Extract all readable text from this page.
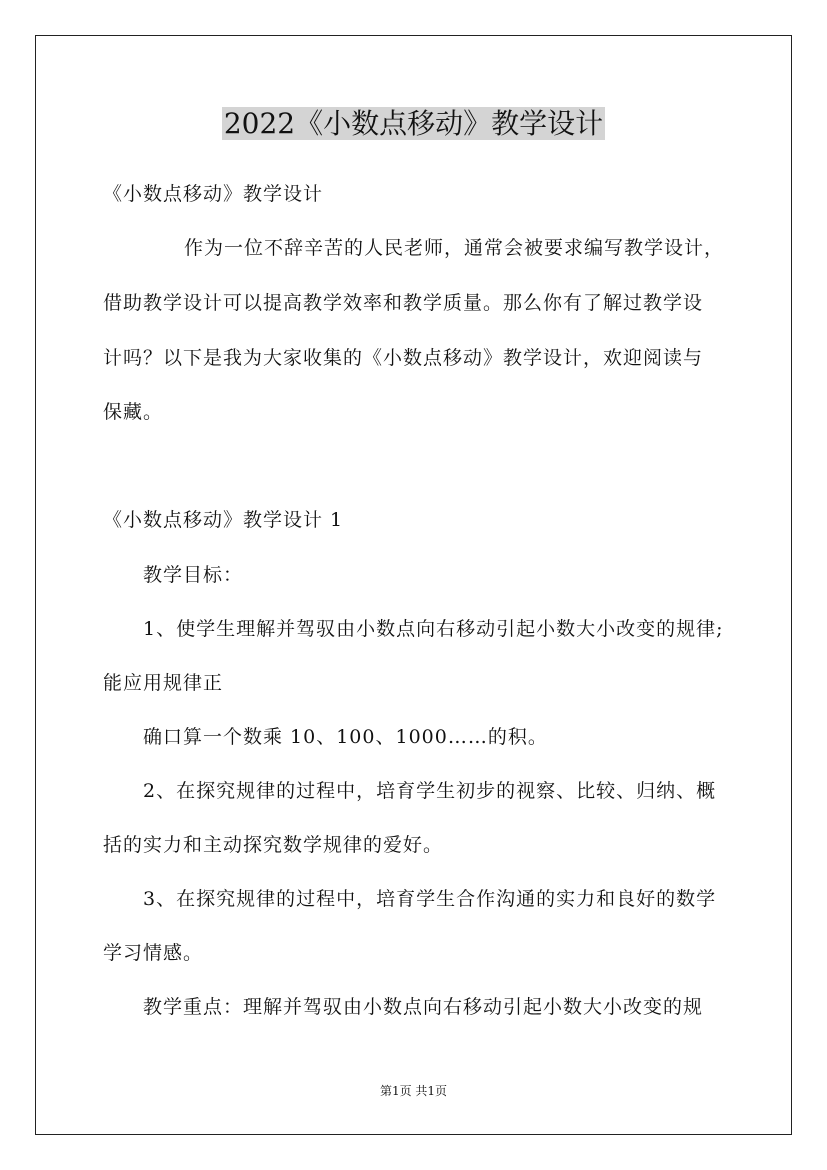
2022《小数点移动》教学设计
《小数点移动》教学设计
作为一位不辞辛苦的人民老师，通常会被要求编写教学设计，
借助教学设计可以提高教学效率和教学质量。那么你有了解过教学设
计吗？以下是我为大家收集的《小数点移动》教学设计，欢迎阅读与
保藏。
《小数点移动》教学设计 1
教学目标：
1、使学生理解并驾驭由小数点向右移动引起小数大小改变的规律;
能应用规律正
确口算一个数乘 10、100、1000……的积。
2、在探究规律的过程中，培育学生初步的视察、比较、归纳、概
括的实力和主动探究数学规律的爱好。
3、在探究规律的过程中，培育学生合作沟通的实力和良好的数学
学习情感。
教学重点：理解并驾驭由小数点向右移动引起小数大小改变的规
第1页 共1页
